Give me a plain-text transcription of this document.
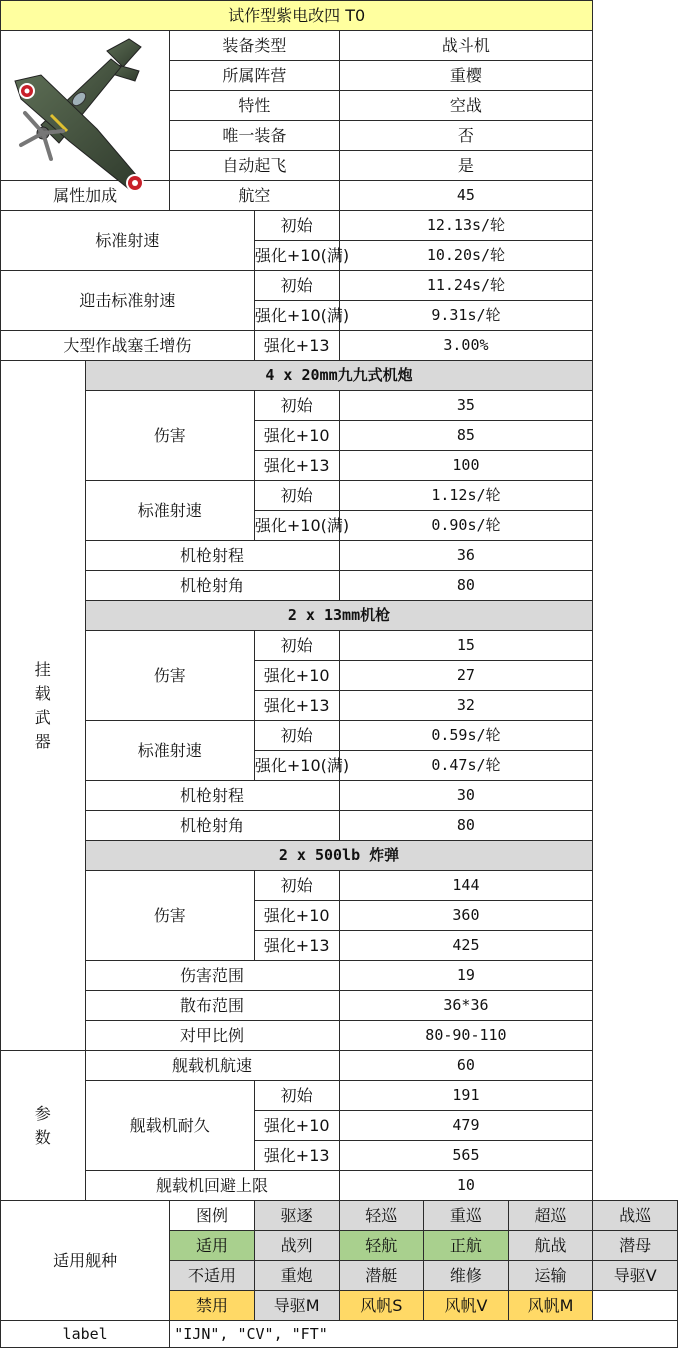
试作型紫电改四 T0							
	装备类型		战斗机			
		所属阵营		重樱			
		特性		空战			
		唯一装备		否			
		自动起飞		是			
属性加成		航空		45			
标准射速			初始	12.13s/轮			
			强化+10(满)	10.20s/轮			
迎击标准射速			初始	11.24s/轮			
			强化+10(满)	9.31s/轮			
大型作战塞壬增伤			强化+13	3.00%			

挂
载
武
器	4 x 20mm九九式机炮						
	伤害		初始	35			
			强化+10	85			
			强化+13	100			
	标准射速		初始	1.12s/轮			
			强化+10(满)	0.90s/轮			
	机枪射程			36			
	机枪射角			80			
	2 x 13mm机枪						
	伤害		初始	15			
			强化+10	27			
			强化+13	32			
	标准射速		初始	0.59s/轮			
			强化+10(满)	0.47s/轮			
	机枪射程			30			
	机枪射角			80			
	2 x 500lb 炸弹						
	伤害		初始	144			
			强化+10	360			
			强化+13	425			
	伤害范围			19			
	散布范围			36*36			
	对甲比例			80-90-110			

参
数	舰载机航速			60			
	舰载机耐久		初始	191			
			强化+10	479			
			强化+13	565			
	舰载机回避上限			10			
适用舰种		图例	驱逐	轻巡	重巡	超巡	战巡
		适用	战列	轻航	正航	航战	潜母
		不适用	重炮	潜艇	维修	运输	导驱V
		禁用	导驱M	风帆S	风帆V	风帆M	
label		"IJN", "CV", "FT"					
